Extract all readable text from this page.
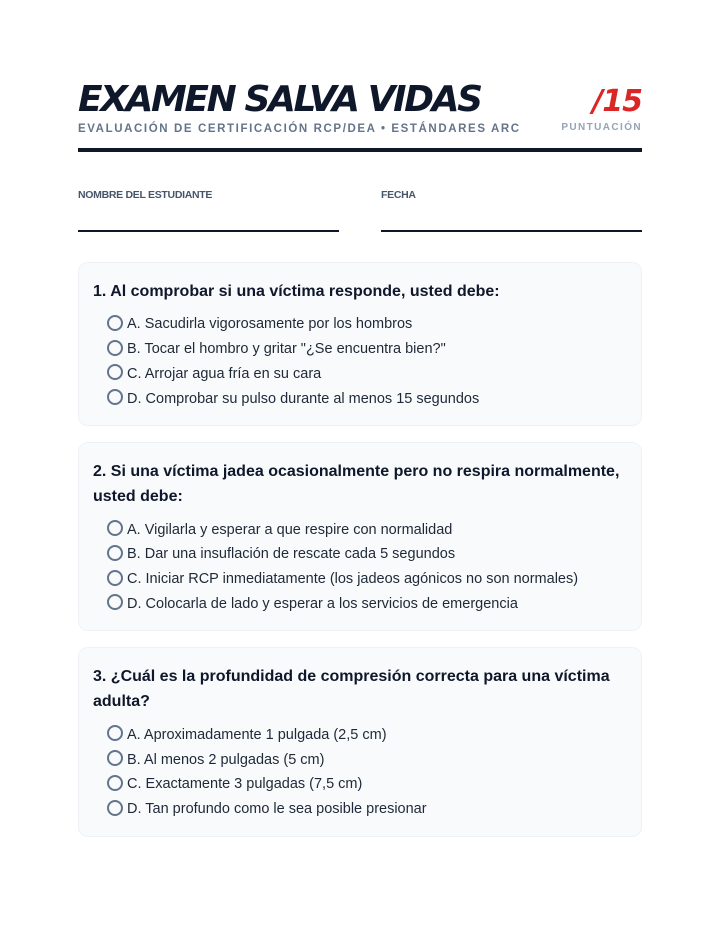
EXAMEN SALVA VIDAS
EVALUACIÓN DE CERTIFICACIÓN RCP/DEA • ESTÁNDARES ARC
/15
PUNTUACIÓN
NOMBRE DEL ESTUDIANTE	FECHA
1. Al comprobar si una víctima responde, usted debe:
A. Sacudirla vigorosamente por los hombros
B. Tocar el hombro y gritar "¿Se encuentra bien?"
C. Arrojar agua fría en su cara
D. Comprobar su pulso durante al menos 15 segundos
2. Si una víctima jadea ocasionalmente pero no respira normalmente, usted debe:
A. Vigilarla y esperar a que respire con normalidad
B. Dar una insuflación de rescate cada 5 segundos
C. Iniciar RCP inmediatamente (los jadeos agónicos no son normales)
D. Colocarla de lado y esperar a los servicios de emergencia
3. ¿Cuál es la profundidad de compresión correcta para una víctima adulta?
A. Aproximadamente 1 pulgada (2,5 cm)
B. Al menos 2 pulgadas (5 cm)
C. Exactamente 3 pulgadas (7,5 cm)
D. Tan profundo como le sea posible presionar
